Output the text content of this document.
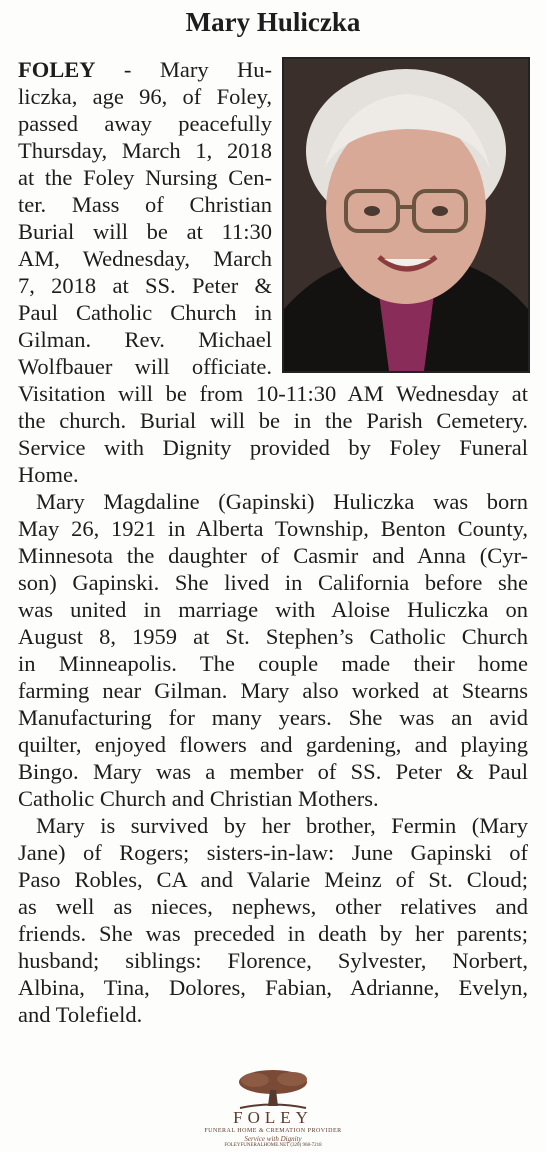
Mary Huliczka
FOLEY - Mary Hu-
liczka, age 96, of Foley,
passed away peacefully
Thursday, March 1, 2018
at the Foley Nursing Cen-
ter. Mass of Christian
Burial will be at 11:30
AM, Wednesday, March
7, 2018 at SS. Peter &
Paul Catholic Church in
Gilman. Rev. Michael
Wolfbauer will officiate.
Visitation will be from 10-11:30 AM Wednesday at
the church. Burial will be in the Parish Cemetery.
Service with Dignity provided by Foley Funeral
Home.
Mary Magdaline (Gapinski) Huliczka was born
May 26, 1921 in Alberta Township, Benton County,
Minnesota the daughter of Casmir and Anna (Cyr-
son) Gapinski. She lived in California before she
was united in marriage with Aloise Huliczka on
August 8, 1959 at St. Stephen’s Catholic Church
in Minneapolis. The couple made their home
farming near Gilman. Mary also worked at Stearns
Manufacturing for many years. She was an avid
quilter, enjoyed flowers and gardening, and playing
Bingo. Mary was a member of SS. Peter & Paul
Catholic Church and Christian Mothers.
Mary is survived by her brother, Fermin (Mary
Jane) of Rogers; sisters-in-law: June Gapinski of
Paso Robles, CA and Valarie Meinz of St. Cloud;
as well as nieces, nephews, other relatives and
friends. She was preceded in death by her parents;
husband; siblings: Florence, Sylvester, Norbert,
Albina, Tina, Dolores, Fabian, Adrianne, Evelyn,
and Tolefield.
FOLEY
FUNERAL HOME & CREMATION PROVIDER
Service with Dignity
FOLEYFUNERALHOME.NET (320) 968-7218
